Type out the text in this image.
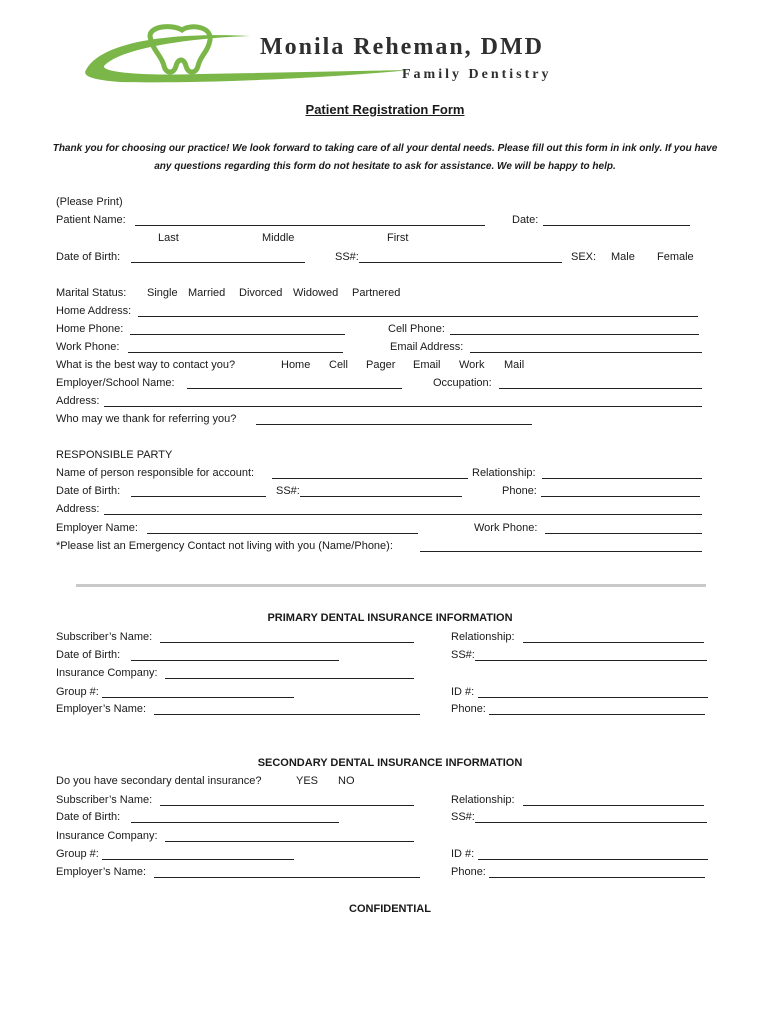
Monila Reheman, DMD
Family Dentistry
Patient Registration Form
Thank you for choosing our practice! We look forward to taking care of all your dental needs. Please fill out this form in ink only. If you have
any questions regarding this form do not hesitate to ask for assistance. We will be happy to help.
(Please Print)
Patient Name:	Date:
Last	Middle	First
Date of Birth:	SS#:	SEX: Male Female
Marital Status: Single Married Divorced Widowed Partnered
Home Address:
Home Phone:	Cell Phone:
Work Phone:	Email Address:
What is the best way to contact you?	Home Cell Pager Email Work Mail
Employer/School Name:	Occupation:
Address:
Who may we thank for referring you?
RESPONSIBLE PARTY
Name of person responsible for account:	Relationship:
Date of Birth:	SS#:	Phone:
Address:
Employer Name:	Work Phone:
*Please list an Emergency Contact not living with you (Name/Phone):
PRIMARY DENTAL INSURANCE INFORMATION
Subscriber’s Name:	Relationship:
Date of Birth:	SS#:
Insurance Company:
Group #:	ID #:
Employer’s Name:	Phone:
SECONDARY DENTAL INSURANCE INFORMATION
Do you have secondary dental insurance?	YES NO
Subscriber’s Name:	Relationship:
Date of Birth:	SS#:
Insurance Company:
Group #:	ID #:
Employer’s Name:	Phone:
CONFIDENTIAL
